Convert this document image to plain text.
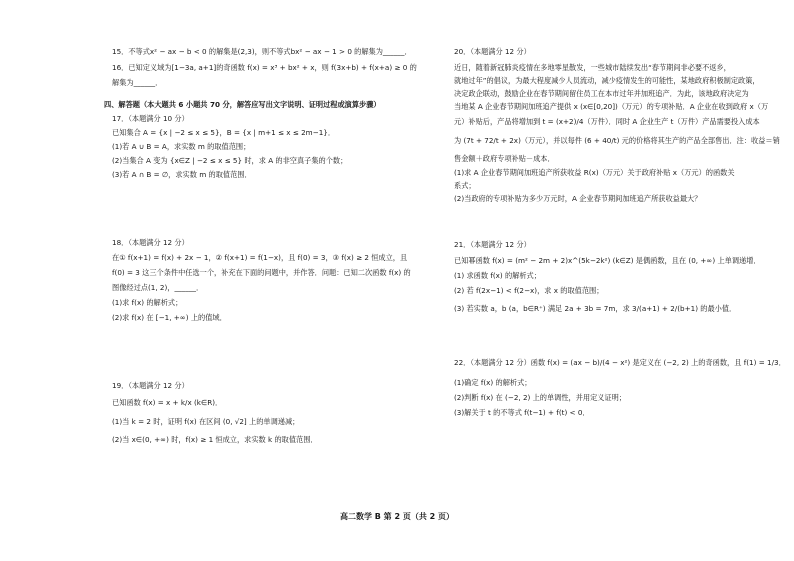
15．不等式x² − ax − b < 0 的解集是(2,3)，则不等式bx² − ax − 1 > 0 的解集为______．
16．已知定义域为[1−3a, a+1]的奇函数 f(x) = x³ + bx² + x，则 f(3x+b) + f(x+a) ≥ 0 的
解集为______．
四、解答题（本大题共 6 小题共 70 分，解答应写出文字说明、证明过程或演算步骤）
17．（本题满分 10 分）
已知集合 A = {x | −2 ≤ x ≤ 5}，B = {x | m+1 ≤ x ≤ 2m−1}．
(1)若 A ∪ B = A，求实数 m 的取值范围；
(2)当集合 A 变为 {x∈Z | −2 ≤ x ≤ 5} 时，求 A 的非空真子集的个数；
(3)若 A ∩ B = ∅，求实数 m 的取值范围．
18．（本题满分 12 分）
在① f(x+1) = f(x) + 2x − 1，② f(x+1) = f(1−x)，且 f(0) = 3，③ f(x) ≥ 2 恒成立，且
f(0) = 3 这三个条件中任选一个，补充在下面的问题中，并作答．问题：已知二次函数 f(x) 的
图像经过点(1, 2)，______．
(1)求 f(x) 的解析式；
(2)求 f(x) 在 [−1, +∞) 上的值域．
19．（本题满分 12 分）
已知函数 f(x) = x + k/x (k∈R)．
(1)当 k = 2 时，证明 f(x) 在区间 (0, √2] 上的单调递减；
(2)当 x∈(0, +∞) 时，f(x) ≥ 1 恒成立，求实数 k 的取值范围．
20．（本题满分 12 分）
近日，随着新冠肺炎疫情在多地零星散发，一些城市陆续发出“春节期间非必要不返乡，
就地过年”的倡议，为最大程度减少人员流动，减少疫情发生的可能性，某地政府积极制定政策，
决定政企联动，鼓励企业在春节期间留住员工在本市过年并加班追产．为此，该地政府决定为
当地某 A 企业春节期间加班追产提供 x (x∈[0,20])（万元）的专项补贴．A 企业在收到政府 x（万
元）补贴后，产品将增加到 t = (x+2)/4（万件）．同时 A 企业生产 t（万件）产品需要投入成本
为 (7t + 72/t + 2x)（万元），并以每件 (6 + 40/t) 元的价格将其生产的产品全部售出．注：收益＝销
售金额＋政府专项补贴－成本．
(1)求 A 企业春节期间加班追产所获收益 R(x)（万元）关于政府补贴 x（万元）的函数关
系式；
(2)当政府的专项补贴为多少万元时，A 企业春节期间加班追产所获收益最大？
21．（本题满分 12 分）
已知幂函数 f(x) = (m² − 2m + 2)x^(5k−2k²) (k∈Z) 是偶函数，且在 (0, +∞) 上单调递增．
(1) 求函数 f(x) 的解析式；
(2) 若 f(2x−1) < f(2−x)，求 x 的取值范围；
(3) 若实数 a，b (a，b∈R⁺) 满足 2a + 3b = 7m，求 3/(a+1) + 2/(b+1) 的最小值．
22．（本题满分 12 分）函数 f(x) = (ax − b)/(4 − x²) 是定义在 (−2, 2) 上的奇函数，且 f(1) = 1/3．
(1)确定 f(x) 的解析式；
(2)判断 f(x) 在 (−2, 2) 上的单调性，并用定义证明；
(3)解关于 t 的不等式 f(t−1) + f(t) < 0．
高二数学 B 第 2 页（共 2 页）
